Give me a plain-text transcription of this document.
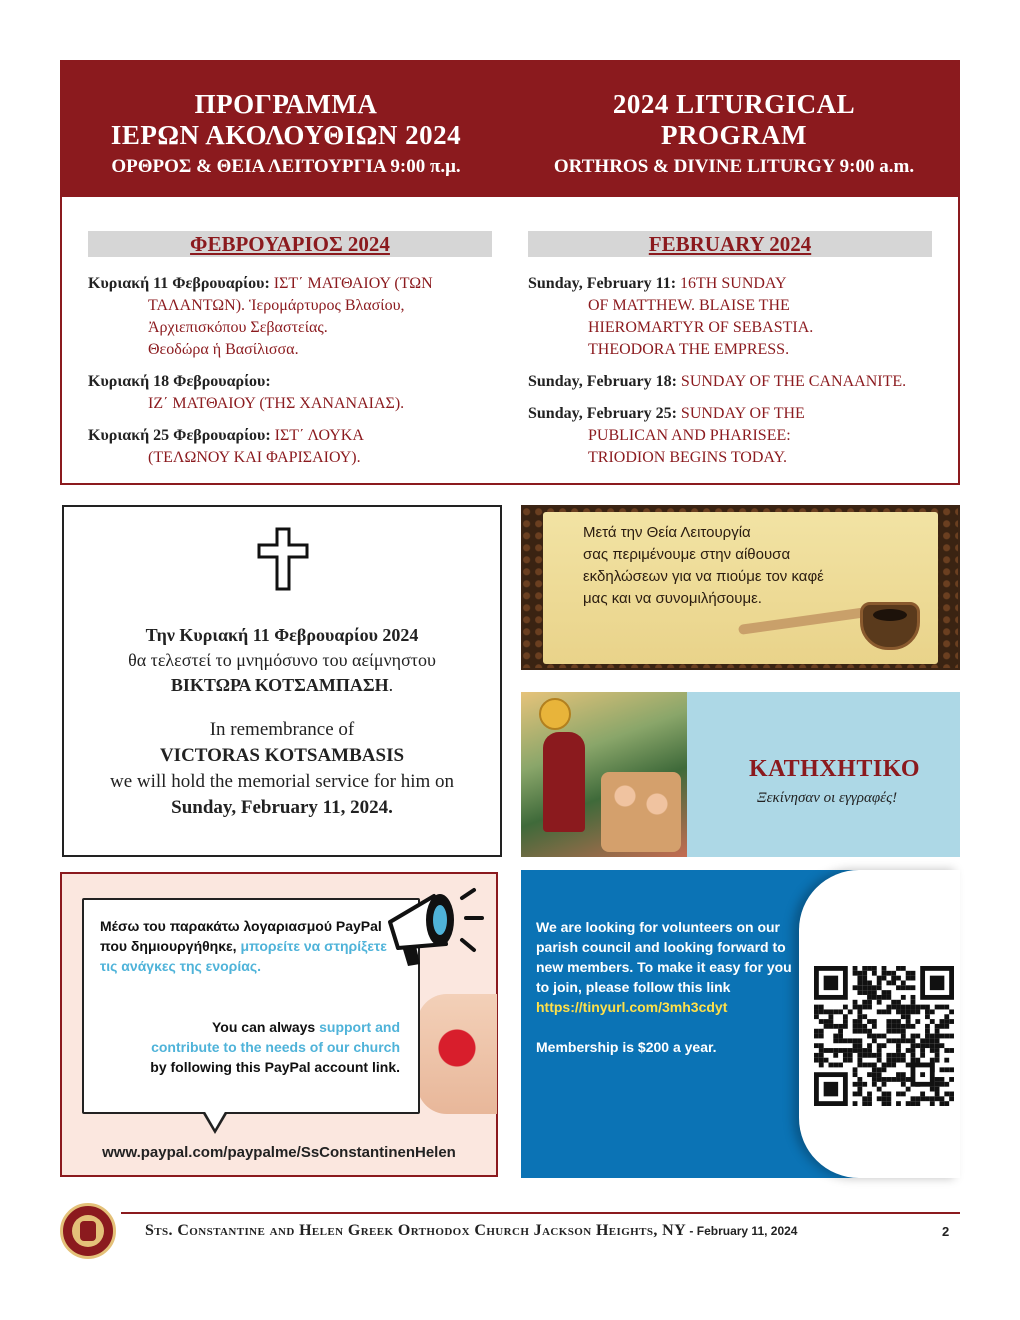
ΠΡΟΓΡΑΜΜΑ
ΙΕΡΩΝ ΑΚΟΛΟΥΘΙΩΝ 2024
ΟΡΘΡΟΣ & ΘΕΙΑ ΛΕΙΤΟΥΡΓΙΑ 9:00 π.μ.
2024 LITURGICAL
PROGRAM
ORTHROS & DIVINE LITURGY 9:00 a.m.
ΦΕΒΡΟΥΑΡΙΟΣ 2024
Κυριακή 11 Φεβρουαρίου: ΙΣΤ΄ ΜΑΤΘΑΙΟΥ (ΤΩΝ
ΤΑΛΑΝΤΩΝ). Ἱερομάρτυρος Βλασίου,
Ἀρχιεπισκόπου Σεβαστείας.
Θεοδώρα ἡ Βασίλισσα.
Κυριακή 18 Φεβρουαρίου:
ΙΖ΄ ΜΑΤΘΑΙΟΥ (ΤΗΣ ΧΑΝΑΝΑΙΑΣ).
Κυριακή 25 Φεβρουαρίου: ΙΣΤ΄ ΛΟΥΚΑ
(ΤΕΛΩΝΟΥ ΚΑΙ ΦΑΡΙΣΑΙΟΥ).
FEBRUARY 2024
Sunday, February 11: 16TH SUNDAY
OF MATTHEW. BLAISE THE
HIEROMARTYR OF SEBASTIA.
THEODORA THE EMPRESS.
Sunday, February 18: SUNDAY OF THE CANAANITE.
Sunday, February 25: SUNDAY OF THE
PUBLICAN AND PHARISEE:
TRIODION BEGINS TODAY.
Την Κυριακή 11 Φεβρουαρίου 2024
θα τελεστεί το μνημόσυνο του αείμνηστου
ΒΙΚΤΩΡΑ ΚΟΤΣΑΜΠΑΣΗ.
In remembrance of
VICTORAS KOTSAMBASIS
we will hold the memorial service for him on
Sunday, February 11, 2024.
Μετά την Θεία Λειτουργία
σας περιμένουμε στην αίθουσα
εκδηλώσεων για να πιούμε τον καφέ
μας και να συνομιλήσουμε.
ΚΑΤΗΧΗΤΙΚΟ
Ξεκίνησαν οι εγγραφές!
Μέσω του παρακάτω λογαριασμού PayPal που δημιουργήθηκε, μπορείτε να στηρίξετε τις ανάγκες της ενορίας.
You can always support and contribute to the needs of our church by following this PayPal account link.
www.paypal.com/paypalme/SsConstantinenHelen
We are looking for volunteers on our parish council and looking forward to new members. To make it easy for you to join, please follow this link
https://tinyurl.com/3mh3cdyt
Membership is $200 a year.
Sts. Constantine and Helen Greek Orthodox Church Jackson Heights, NY - February 11, 2024	2
